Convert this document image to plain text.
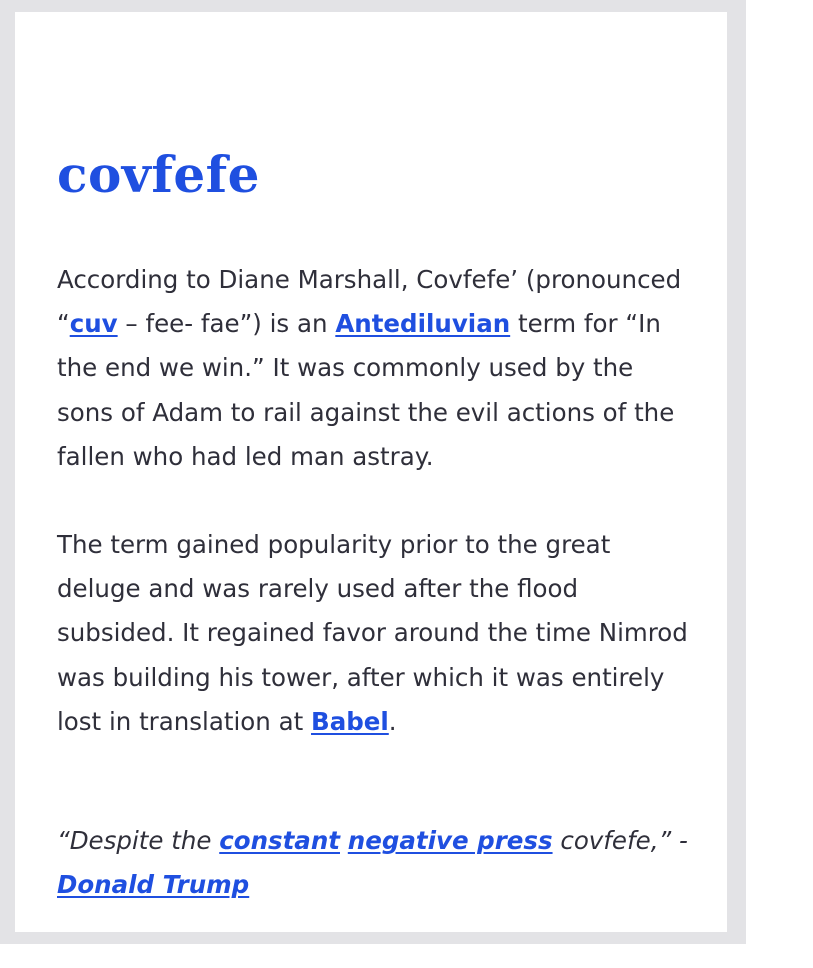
covfefe

According to Diane Marshall, Covfefe’ (pronounced “cuv – fee- fae”) is an Antediluvian term for “In the end we win.” It was commonly used by the sons of Adam to rail against the evil actions of the fallen who had led man astray.

The term gained popularity prior to the great deluge and was rarely used after the flood subsided. It regained favor around the time Nimrod was building his tower, after which it was entirely lost in translation at Babel.

“Despite the constant negative press covfefe,” - Donald Trump
